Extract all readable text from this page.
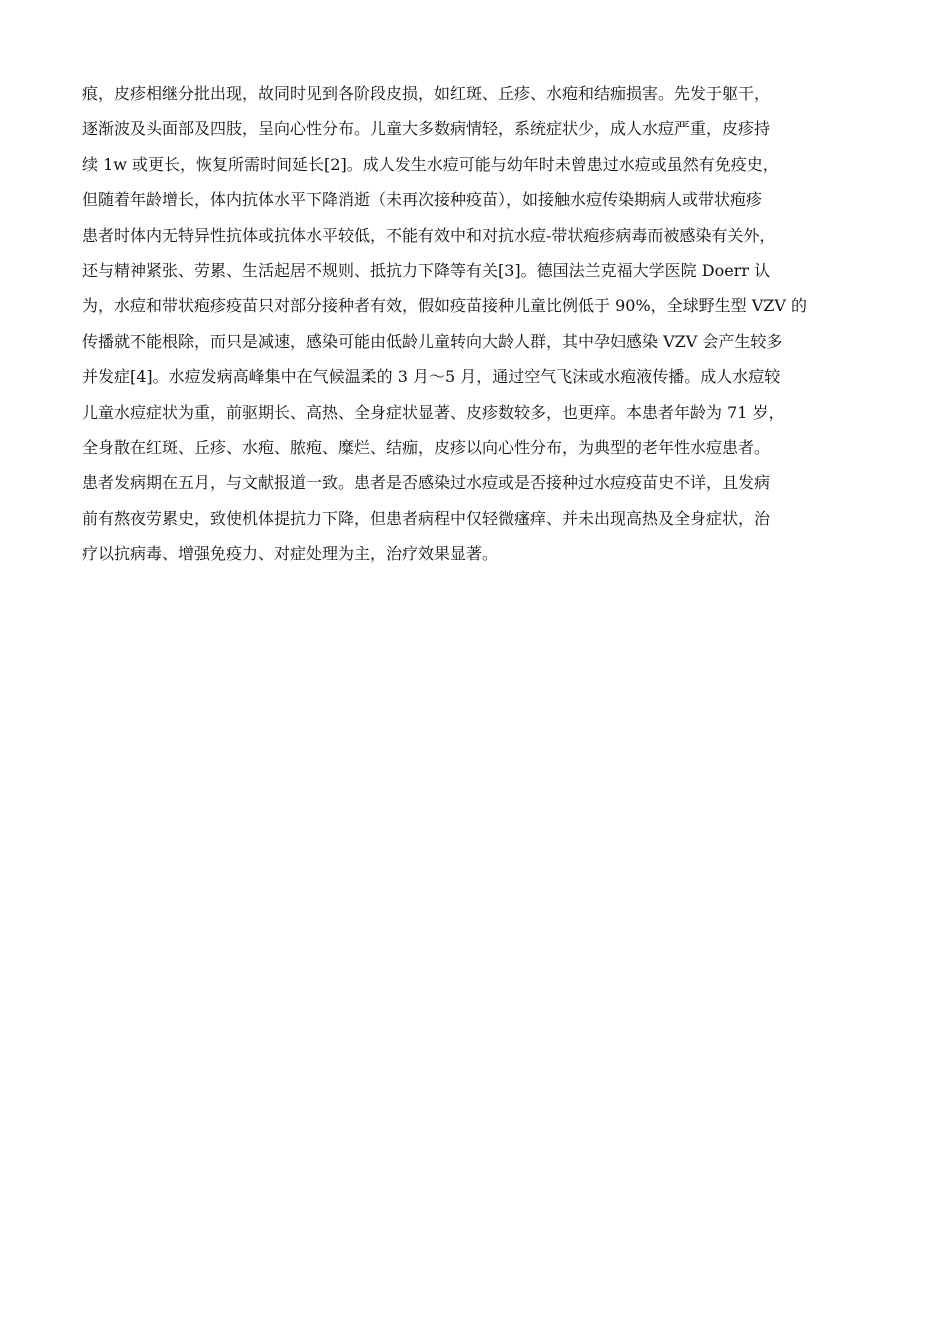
痕，皮疹相继分批出现，故同时见到各阶段皮损，如红斑、丘疹、水疱和结痂损害。先发于躯干，
逐渐波及头面部及四肢，呈向心性分布。儿童大多数病情轻，系统症状少，成人水痘严重，皮疹持
续 1w 或更长，恢复所需时间延长[2]。成人发生水痘可能与幼年时未曾患过水痘或虽然有免疫史，
但随着年龄增长，体内抗体水平下降消逝（未再次接种疫苗），如接触水痘传染期病人或带状疱疹
患者时体内无特异性抗体或抗体水平较低，不能有效中和对抗水痘-带状疱疹病毒而被感染有关外，
还与精神紧张、劳累、生活起居不规则、抵抗力下降等有关[3]。德国法兰克福大学医院 Doerr 认
为，水痘和带状疱疹疫苗只对部分接种者有效，假如疫苗接种儿童比例低于 90%，全球野生型 VZV 的
传播就不能根除，而只是减速，感染可能由低龄儿童转向大龄人群，其中孕妇感染 VZV 会产生较多
并发症[4]。水痘发病高峰集中在气候温柔的 3 月～5 月，通过空气飞沫或水疱液传播。成人水痘较
儿童水痘症状为重，前驱期长、高热、全身症状显著、皮疹数较多，也更痒。本患者年龄为 71 岁，
全身散在红斑、丘疹、水疱、脓疱、糜烂、结痂，皮疹以向心性分布，为典型的老年性水痘患者。
患者发病期在五月，与文献报道一致。患者是否感染过水痘或是否接种过水痘疫苗史不详，且发病
前有熬夜劳累史，致使机体提抗力下降，但患者病程中仅轻微瘙痒、并未出现高热及全身症状，治
疗以抗病毒、增强免疫力、对症处理为主，治疗效果显著。
